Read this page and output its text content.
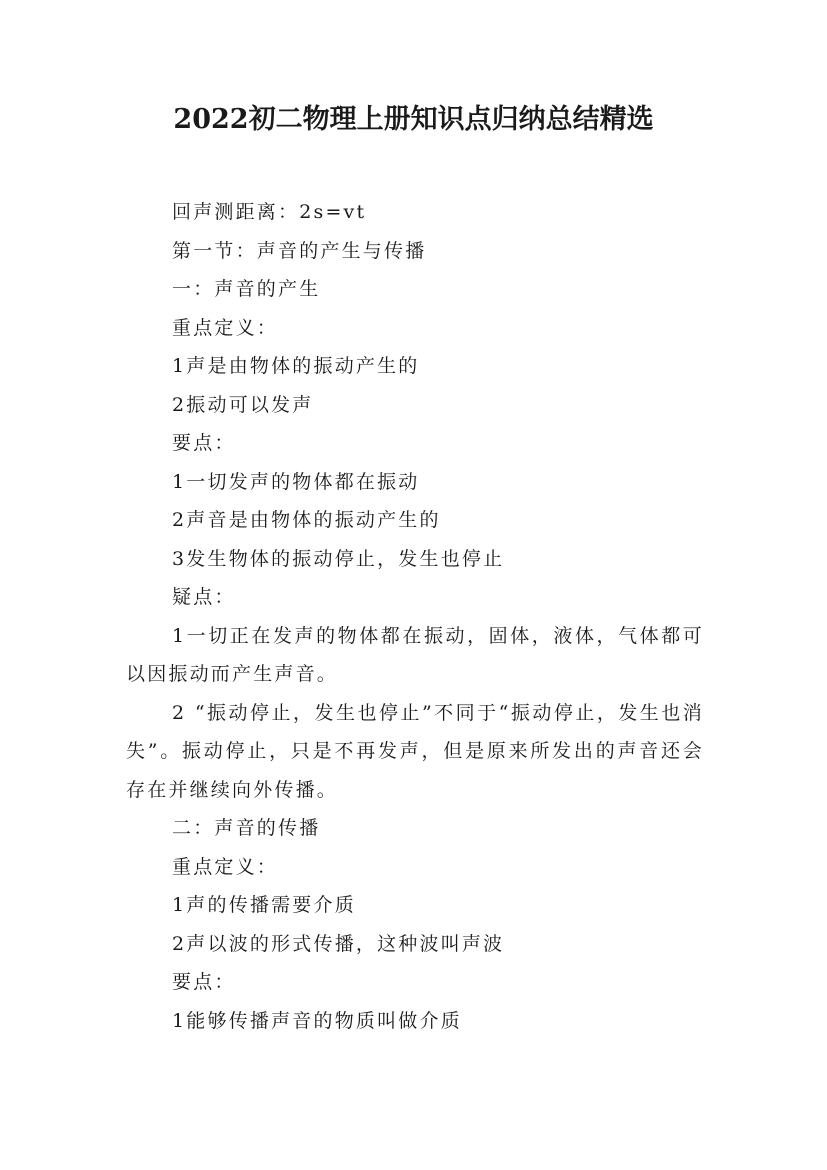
2022初二物理上册知识点归纳总结精选

回声测距离：2s=vt

第一节：声音的产生与传播

一：声音的产生

重点定义：

1声是由物体的振动产生的

2振动可以发声

要点：

1一切发声的物体都在振动

2声音是由物体的振动产生的

3发生物体的振动停止，发生也停止

疑点：

1一切正在发声的物体都在振动，固体，液体，气体都可以因振动而产生声音。

2 “振动停止，发生也停止”不同于“振动停止，发生也消失”。振动停止，只是不再发声，但是原来所发出的声音还会存在并继续向外传播。

二：声音的传播

重点定义：

1声的传播需要介质

2声以波的形式传播，这种波叫声波

要点：

1能够传播声音的物质叫做介质
